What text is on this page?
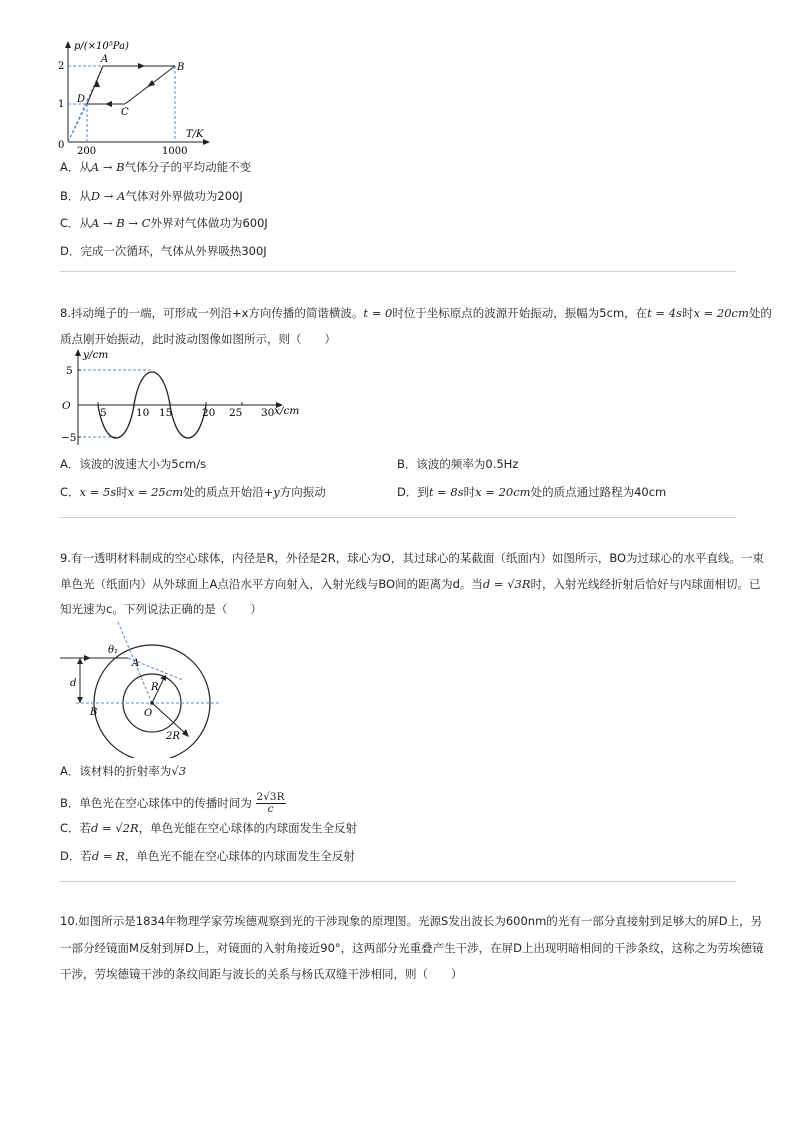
p/(×10⁵Pa)
2
1
0
200	1000
T/K
A
B
C
D
A．从A → B气体分子的平均动能不变
B．从D → A气体对外界做功为200J
C．从A → B → C外界对气体做功为600J
D．完成一次循环，气体从外界吸热300J
8.抖动绳子的一端，可形成一列沿+x方向传播的简谐横波。t = 0时位于坐标原点的波源开始振动，振幅为5cm，在t = 4s时x = 20cm处的
质点刚开始振动，此时波动图像如图所示，则（　　）
y/cm
5
−5
O
5	10 15	20 25 30 x/cm
A．该波的波速大小为5cm/s	B．该波的频率为0.5Hz
C．x = 5s时x = 25cm处的质点开始沿+y方向振动	D．到t = 8s时x = 20cm处的质点通过路程为40cm
9.有一透明材料制成的空心球体，内径是R，外径是2R，球心为O，其过球心的某截面（纸面内）如图所示，BO为过球心的水平直线。一束
单色光（纸面内）从外球面上A点沿水平方向射入，入射光线与BO间的距离为d。当d = √3R时，入射光线经折射后恰好与内球面相切。已
知光速为c。下列说法正确的是（　　）
θ₁
A
d
B	O
R
2R
A．该材料的折射率为√3
B．单色光在空心球体中的传播时间为 $\frac{2√3R}{c}$
C．若d = √2R，单色光能在空心球体的内球面发生全反射
D．若d = R，单色光不能在空心球体的内球面发生全反射
10.如图所示是1834年物理学家劳埃德观察到光的干涉现象的原理图。光源S发出波长为600nm的光有一部分直接射到足够大的屏D上，另
一部分经镜面M反射到屏D上，对镜面的入射角接近90°，这两部分光重叠产生干涉，在屏D上出现明暗相间的干涉条纹，这称之为劳埃德镜
干涉，劳埃德镜干涉的条纹间距与波长的关系与杨氏双缝干涉相同，则（　　）
